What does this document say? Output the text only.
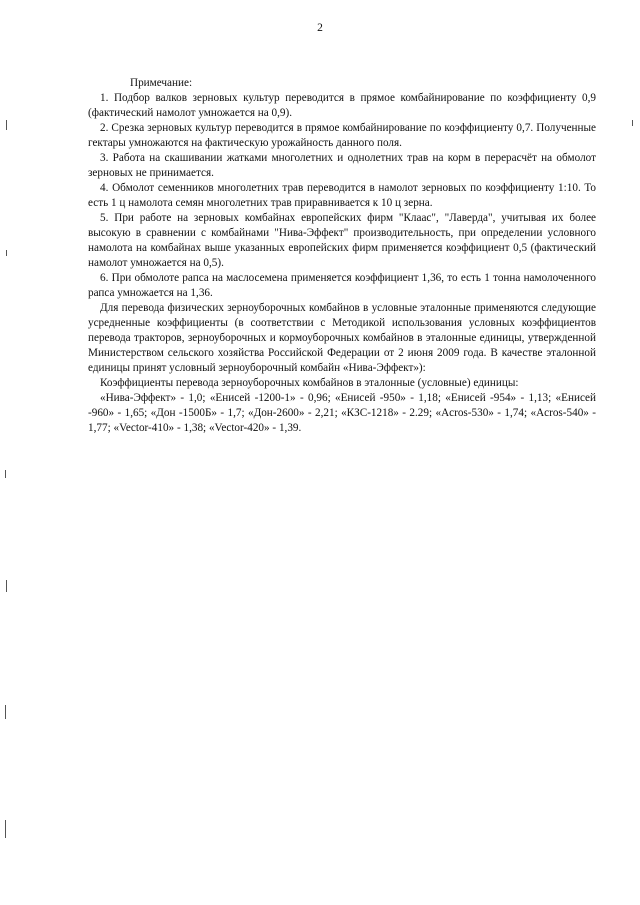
2

Примечание:

1. Подбор валков зерновых культур переводится в прямое комбайнирование по коэффициенту 0,9 (фактический намолот умножается на 0,9).

2. Срезка зерновых культур переводится в прямое комбайнирование по коэффициенту 0,7. Полученные гектары умножаются на фактическую урожайность данного поля.

3. Работа на скашивании жатками многолетних и однолетних трав на корм в перерасчёт на обмолот зерновых не принимается.

4. Обмолот семенников многолетних трав переводится в намолот зерновых по коэффициенту 1:10. То есть 1 ц намолота семян многолетних трав приравнивается к 10 ц зерна.

5. При работе на зерновых комбайнах европейских фирм "Клаас", "Лаверда", учитывая их более высокую в сравнении с комбайнами "Нива-Эффект" производительность, при определении условного намолота на комбайнах выше указанных европейских фирм применяется коэффициент 0,5 (фактический намолот умножается на 0,5).

6. При обмолоте рапса на маслосемена применяется коэффициент 1,36, то есть 1 тонна намолоченного рапса умножается на 1,36.

Для перевода физических зерноуборочных комбайнов в условные эталонные применяются следующие усредненные коэффициенты (в соответствии с Методикой использования условных коэффициентов перевода тракторов, зерноуборочных и кормоуборочных комбайнов в эталонные единицы, утвержденной Министерством сельского хозяйства Российской Федерации от 2 июня 2009 года. В качестве эталонной единицы принят условный зерноуборочный комбайн «Нива-Эффект»):

Коэффициенты перевода зерноуборочных комбайнов в эталонные (условные) единицы:

«Нива-Эффект» - 1,0; «Енисей -1200-1» - 0,96; «Енисей -950» - 1,18; «Енисей -954» - 1,13; «Енисей -960» - 1,65; «Дон -1500Б» - 1,7; «Дон-2600» - 2,21; «КЗС-1218» - 2.29; «Acros-530» - 1,74; «Acros-540» - 1,77; «Vector-410» - 1,38; «Vector-420» - 1,39.
